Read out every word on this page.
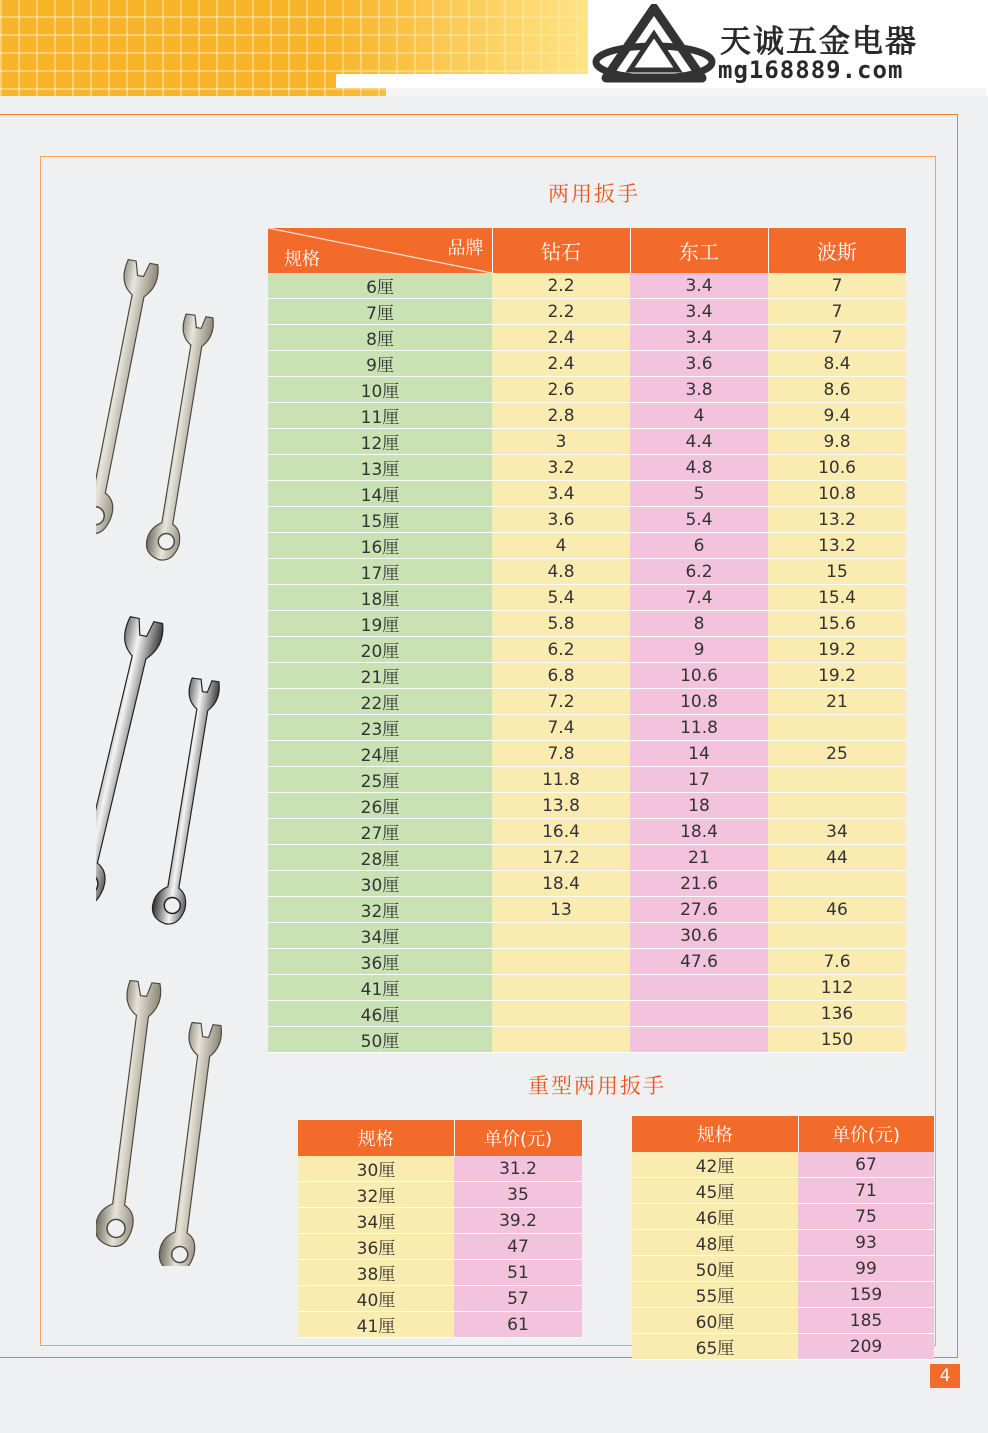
天诚五金电器
mg168889.com
两用扳手
品牌
规格	钻石	东工	波斯
6厘	2.2	3.4	7
7厘	2.2	3.4	7
8厘	2.4	3.4	7
9厘	2.4	3.6	8.4
10厘	2.6	3.8	8.6
11厘	2.8	4	9.4
12厘	3	4.4	9.8
13厘	3.2	4.8	10.6
14厘	3.4	5	10.8
15厘	3.6	5.4	13.2
16厘	4	6	13.2
17厘	4.8	6.2	15
18厘	5.4	7.4	15.4
19厘	5.8	8	15.6
20厘	6.2	9	19.2
21厘	6.8	10.6	19.2
22厘	7.2	10.8	21
23厘	7.4	11.8	
24厘	7.8	14	25
25厘	11.8	17	
26厘	13.8	18	
27厘	16.4	18.4	34
28厘	17.2	21	44
30厘	18.4	21.6	
32厘	13	27.6	46
34厘		30.6	
36厘		47.6	7.6
41厘			112
46厘			136
50厘			150
重型两用扳手
规格	单价(元)
30厘	31.2
32厘	35
34厘	39.2
36厘	47
38厘	51
40厘	57
41厘	61
规格	单价(元)
42厘	67
45厘	71
46厘	75
48厘	93
50厘	99
55厘	159
60厘	185
65厘	209
4
